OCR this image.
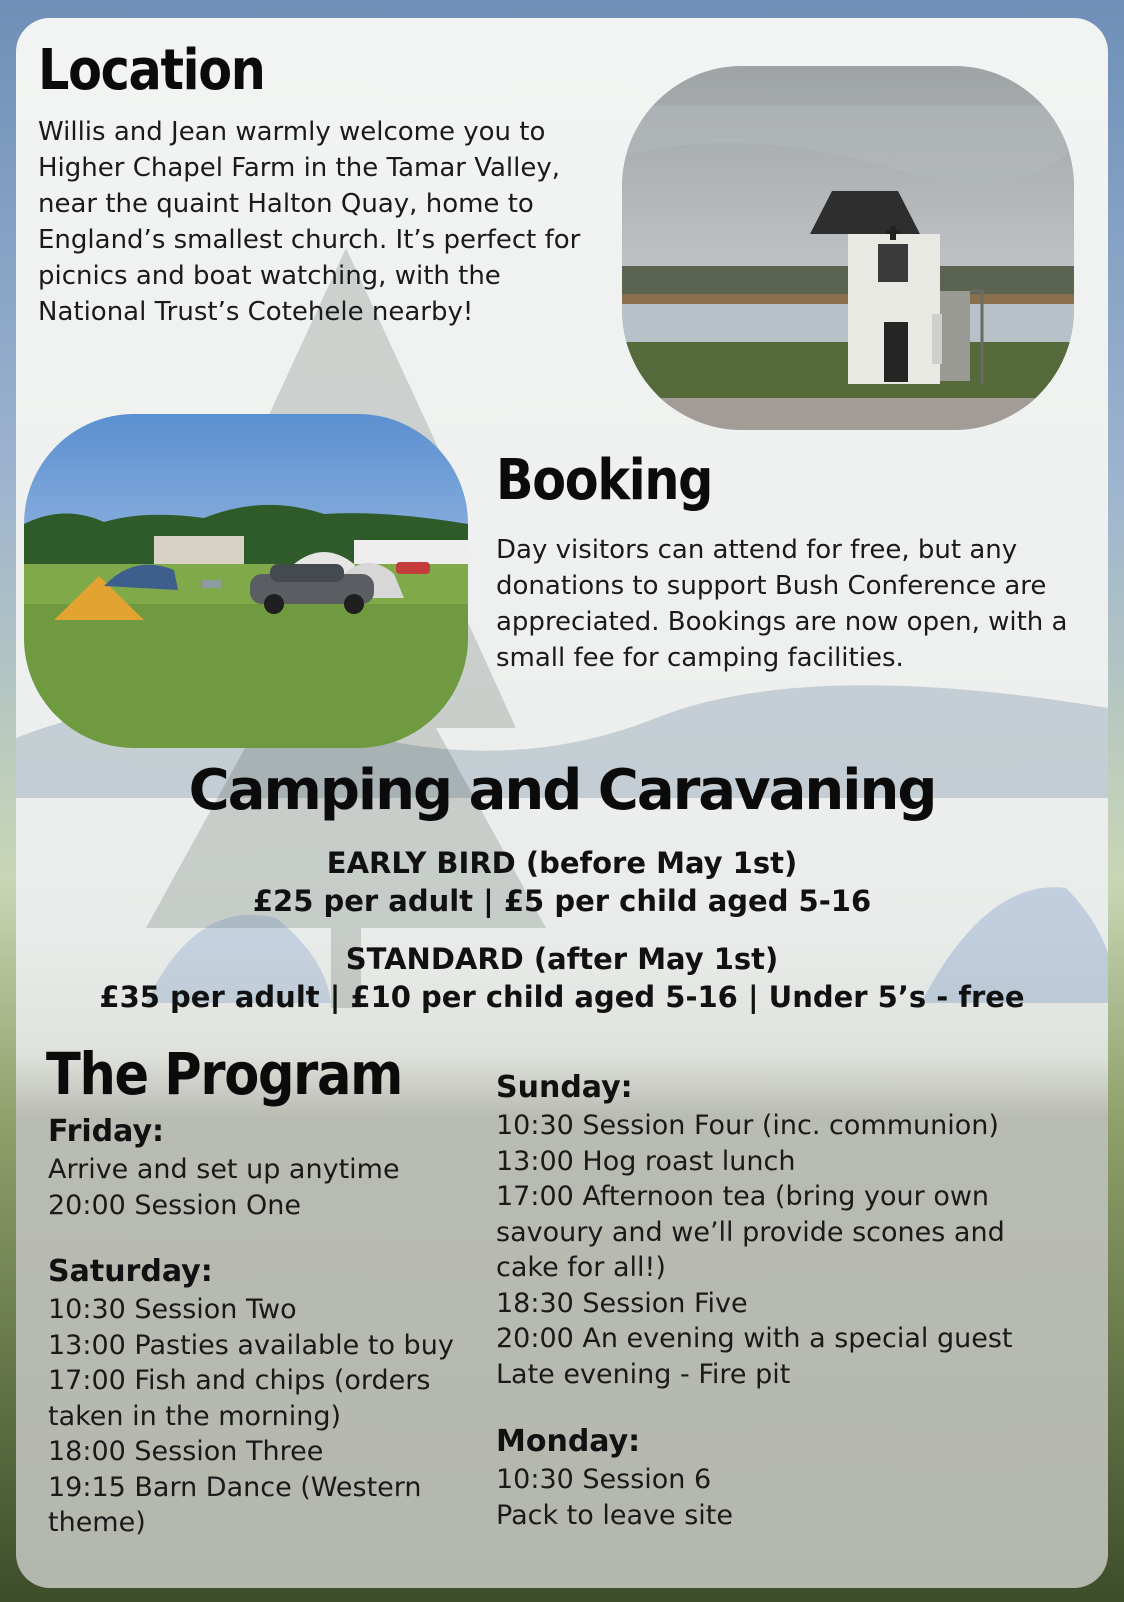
Location

Willis and Jean warmly welcome you to Higher Chapel Farm in the Tamar Valley, near the quaint Halton Quay, home to England’s smallest church. It’s perfect for picnics and boat watching, with the National Trust’s Cotehele nearby!

Booking

Day visitors can attend for free, but any donations to support Bush Conference are appreciated. Bookings are now open, with a small fee for camping facilities.

Camping and Caravaning

EARLY BIRD (before May 1st)

£25 per adult | £5 per child aged 5-16

STANDARD (after May 1st)

£35 per adult | £10 per child aged 5-16 | Under 5’s - free

The Program

Friday:

Arrive and set up anytime
20:00 Session One

Saturday:

10:30 Session Two
13:00 Pasties available to buy
17:00 Fish and chips (orders taken in the morning)
18:00 Session Three
19:15 Barn Dance (Western theme)

Sunday:

10:30 Session Four (inc. communion)
13:00 Hog roast lunch
17:00 Afternoon tea (bring your own savoury and we’ll provide scones and cake for all!)
18:30 Session Five
20:00 An evening with a special guest
Late evening - Fire pit

Monday:

10:30 Session 6
Pack to leave site
